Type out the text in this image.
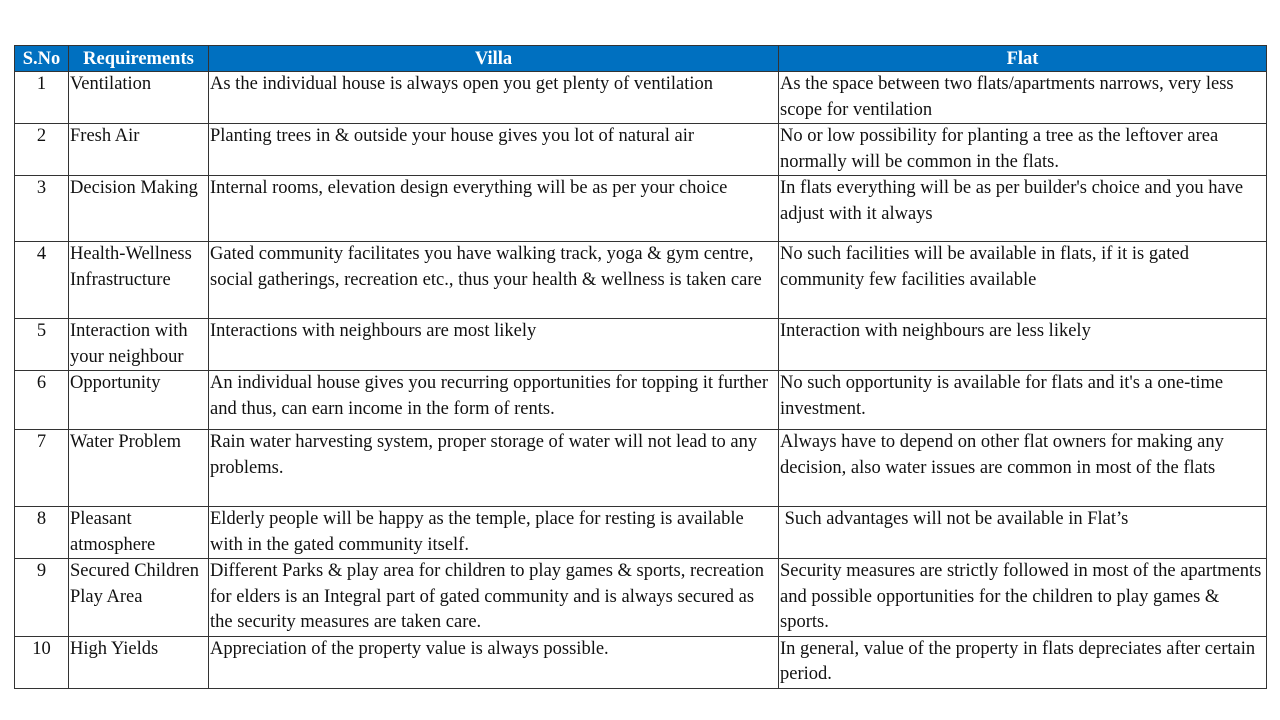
S.No	Requirements	Villa	Flat
1	Ventilation	As the individual house is always open you get plenty of ventilation	As the space between two flats/apartments narrows, very less scope for ventilation
2	Fresh Air	Planting trees in & outside your house gives you lot of natural air	No or low possibility for planting a tree as the leftover area normally will be common in the flats.
3	Decision Making	Internal rooms, elevation design everything will be as per your choice	In flats everything will be as per builder's choice and you have adjust with it always
4	Health-Wellness Infrastructure	Gated community facilitates you have walking track, yoga & gym centre, social gatherings, recreation etc., thus your health & wellness is taken care	No such facilities will be available in flats, if it is gated community few facilities available
5	Interaction with your neighbour	Interactions with neighbours are most likely	Interaction with neighbours are less likely
6	Opportunity	An individual house gives you recurring opportunities for topping it further and thus, can earn income in the form of rents.	No such opportunity is available for flats and it's a one-time investment.
7	Water Problem	Rain water harvesting system, proper storage of water will not lead to any problems.	Always have to depend on other flat owners for making any decision, also water issues are common in most of the flats
8	Pleasant atmosphere	Elderly people will be happy as the temple, place for resting is available with in the gated community itself.	Such advantages will not be available in Flat’s
9	Secured Children Play Area	Different Parks & play area for children to play games & sports, recreation for elders is an Integral part of gated community and is always secured as the security measures are taken care.	Security measures are strictly followed in most of the apartments and possible opportunities for the children to play games & sports.
10	High Yields	Appreciation of the property value is always possible.	In general, value of the property in flats depreciates after certain period.
